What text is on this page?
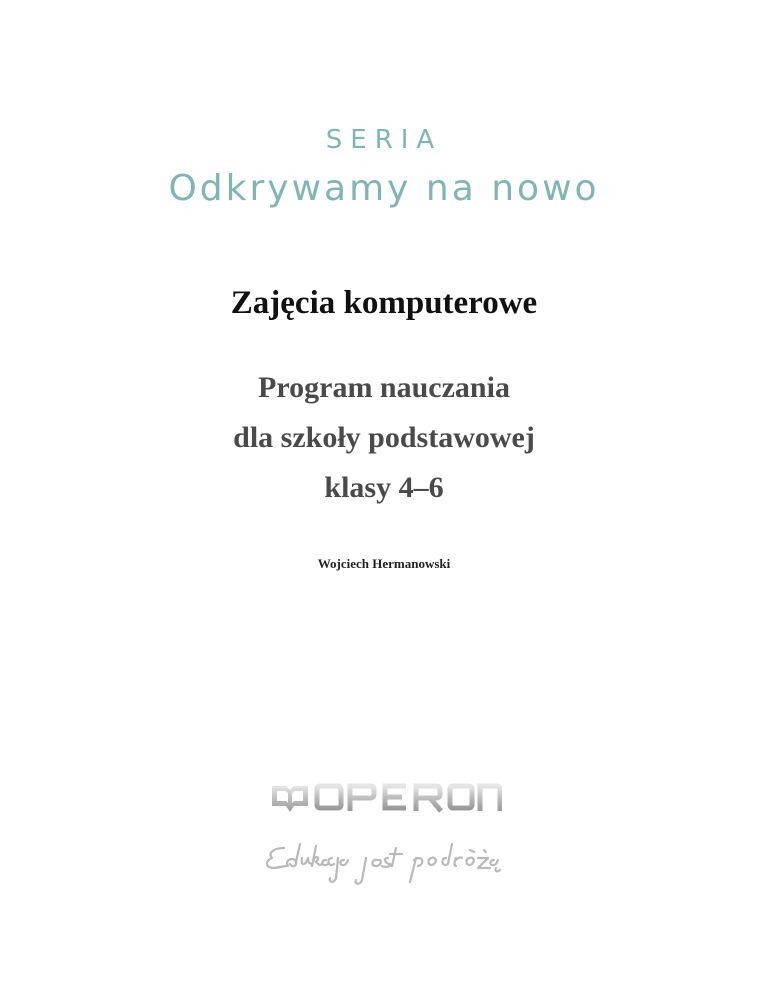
SERIA
Odkrywamy na nowo
Zajęcia komputerowe
Program nauczania
dla szkoły podstawowej
klasy 4–6
Wojciech Hermanowski
